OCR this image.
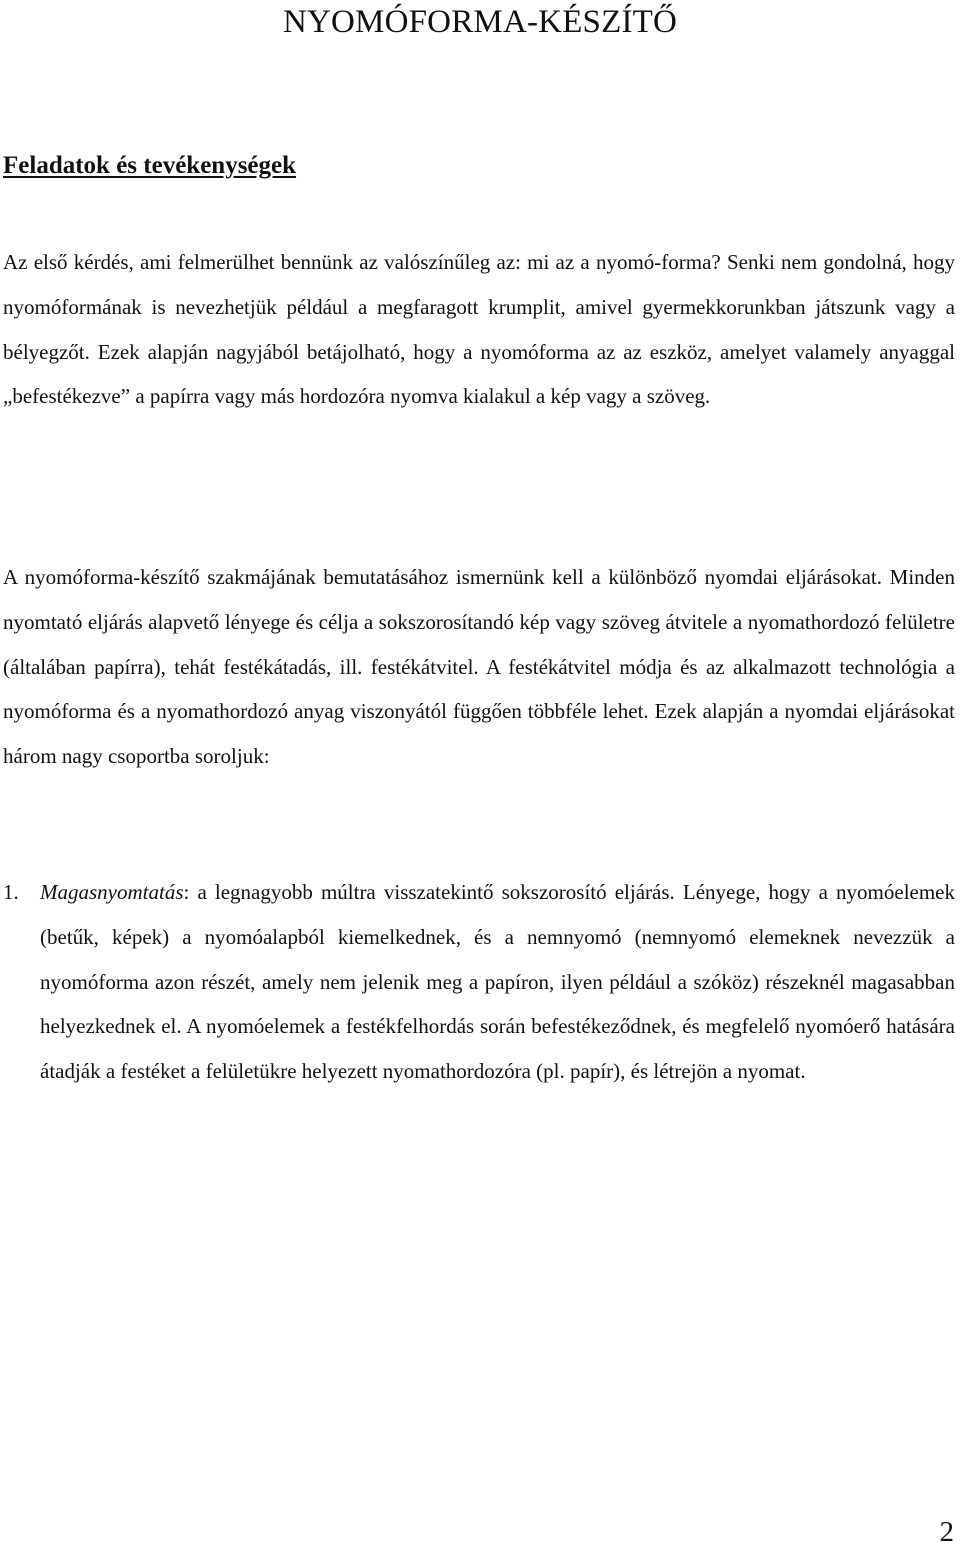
NYOMÓFORMA-KÉSZÍTŐ
Feladatok és tevékenységek

Az első kérdés, ami felmerülhet bennünk az valószínűleg az: mi az a nyomó-forma? Senki nem gondolná, hogy nyomóformának is nevezhetjük például a megfaragott krumplit, amivel gyermekkorunkban játszunk vagy a bélyegzőt. Ezek alapján nagyjából betájolható, hogy a nyomóforma az az eszköz, amelyet valamely anyaggal „befestékezve” a papírra vagy más hordozóra nyomva kialakul a kép vagy a szöveg.

A nyomóforma-készítő szakmájának bemutatásához ismernünk kell a különböző nyomdai eljárásokat. Minden nyomtató eljárás alapvető lényege és célja a sokszorosítandó kép vagy szöveg átvitele a nyomathordozó felületre (általában papírra), tehát festékátadás, ill. festékátvitel. A festékátvitel módja és az alkalmazott technológia a nyomóforma és a nyomathordozó anyag viszonyától függően többféle lehet. Ezek alapján a nyomdai eljárásokat három nagy csoportba soroljuk:

1. Magasnyomtatás: a legnagyobb múltra visszatekintő sokszorosító eljárás. Lényege, hogy a nyomóelemek (betűk, képek) a nyomóalapból kiemelkednek, és a nemnyomó (nemnyomó elemeknek nevezzük a nyomóforma azon részét, amely nem jelenik meg a papíron, ilyen például a szóköz) részeknél magasabban helyezkednek el. A nyomóelemek a festékfelhordás során befestékeződnek, és megfelelő nyomóerő hatására átadják a festéket a felületükre helyezett nyomathordozóra (pl. papír), és létrejön a nyomat.

2
